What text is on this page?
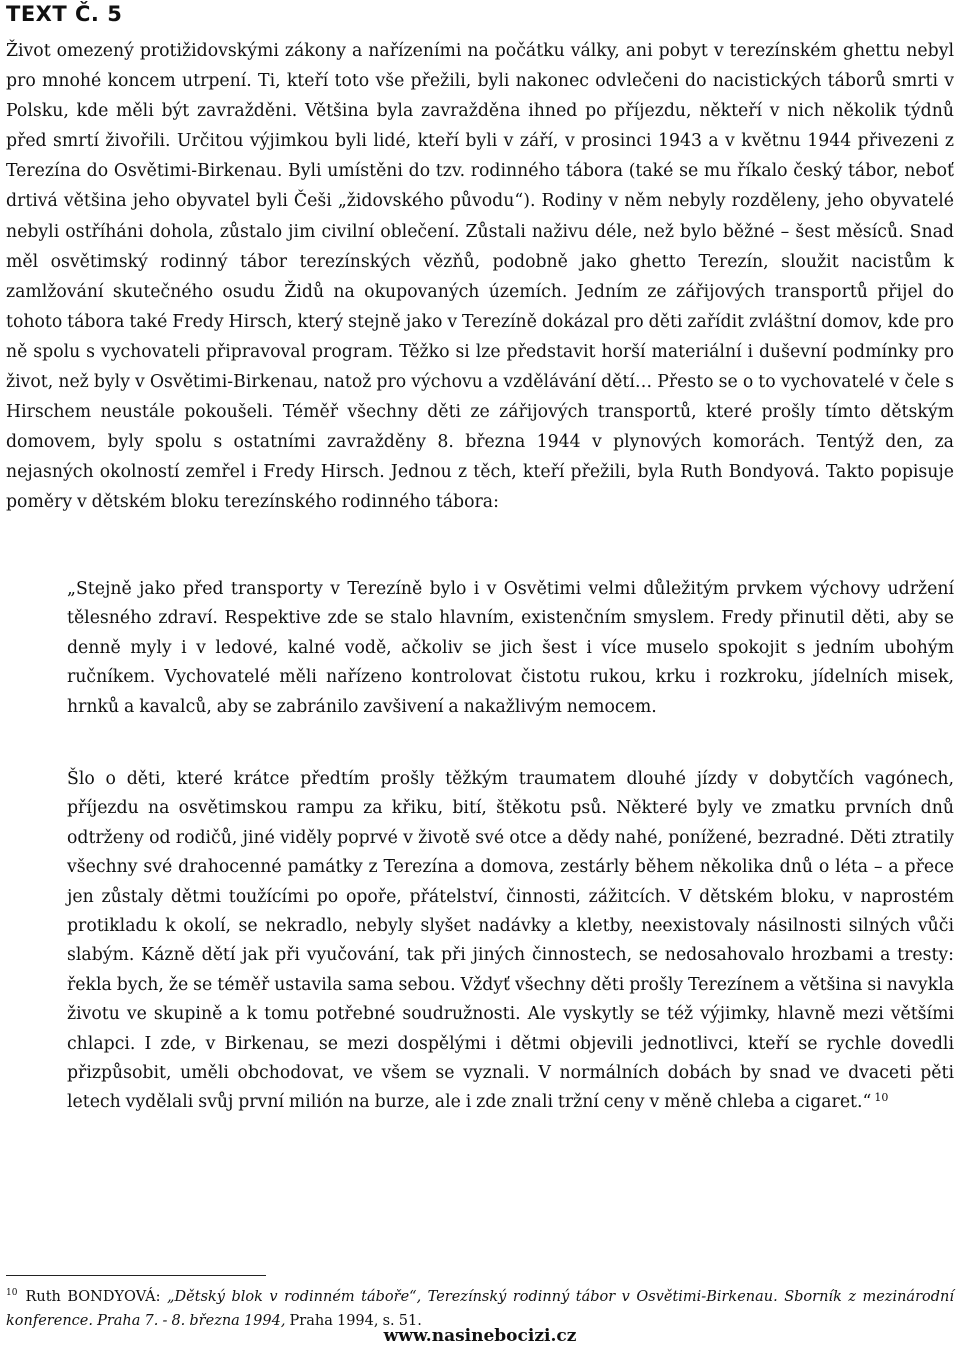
TEXT Č. 5

Život omezený protižidovskými zákony a nařízeními na počátku války, ani pobyt v terezínském ghettu nebyl pro mnohé koncem utrpení. Ti, kteří toto vše přežili, byli nakonec odvlečeni do nacistických táborů smrti v Polsku, kde měli být zavražděni. Většina byla zavražděna ihned po příjezdu, někteří v nich několik týdnů před smrtí živořili. Určitou výjimkou byli lidé, kteří byli v září, v prosinci 1943 a v květnu 1944 přivezeni z Terezína do Osvětimi-Birkenau. Byli umístěni do tzv. rodinného tábora (také se mu říkalo český tábor, neboť drtivá většina jeho obyvatel byli Češi „židovského původu“). Rodiny v něm nebyly rozděleny, jeho obyvatelé nebyli ostříháni dohola, zůstalo jim civilní oblečení. Zůstali naživu déle, než bylo běžné – šest měsíců. Snad měl osvětimský rodinný tábor terezínských vězňů, podobně jako ghetto Terezín, sloužit nacistům k zamlžování skutečného osudu Židů na okupovaných územích. Jedním ze zářijových transportů přijel do tohoto tábora také Fredy Hirsch, který stejně jako v Terezíně dokázal pro děti zařídit zvláštní domov, kde pro ně spolu s vychovateli připravoval program. Těžko si lze představit horší materiální i duševní podmínky pro život, než byly v Osvětimi-Birkenau, natož pro výchovu a vzdělávání dětí… Přesto se o to vychovatelé v čele s Hirschem neustále pokoušeli. Téměř všechny děti ze zářijových transportů, které prošly tímto dětským domovem, byly spolu s ostatními zavražděny 8. března 1944 v plynových komorách. Tentýž den, za nejasných okolností zemřel i Fredy Hirsch. Jednou z těch, kteří přežili, byla Ruth Bondyová. Takto popisuje poměry v dětském bloku terezínského rodinného tábora:

„Stejně jako před transporty v Terezíně bylo i v Osvětimi velmi důležitým prvkem výchovy udržení tělesného zdraví. Respektive zde se stalo hlavním, existenčním smyslem. Fredy přinutil děti, aby se denně myly i v ledové, kalné vodě, ačkoliv se jich šest i více muselo spokojit s jedním ubohým ručníkem. Vychovatelé měli nařízeno kontrolovat čistotu rukou, krku i rozkroku, jídelních misek, hrnků a kavalců, aby se zabránilo zavšivení a nakažlivým nemocem.

Šlo o děti, které krátce předtím prošly těžkým traumatem dlouhé jízdy v dobytčích vagónech, příjezdu na osvětimskou rampu za křiku, bití, štěkotu psů. Některé byly ve zmatku prvních dnů odtrženy od rodičů, jiné viděly poprvé v životě své otce a dědy nahé, ponížené, bezradné. Děti ztratily všechny své drahocenné památky z Terezína a domova, zestárly během několika dnů o léta – a přece jen zůstaly dětmi toužícími po opoře, přátelství, činnosti, zážitcích. V dětském bloku, v naprostém protikladu k okolí, se nekradlo, nebyly slyšet nadávky a kletby, neexistovaly násilnosti silných vůči slabým. Kázně dětí jak při vyučování, tak při jiných činnostech, se nedosahovalo hrozbami a tresty: řekla bych, že se téměř ustavila sama sebou. Vždyť všechny děti prošly Terezínem a většina si navykla životu ve skupině a k tomu potřebné soudružnosti. Ale vyskytly se též výjimky, hlavně mezi většími chlapci. I zde, v Birkenau, se mezi dospělými i dětmi objevili jednotlivci, kteří se rychle dovedli přizpůsobit, uměli obchodovat, ve všem se vyznali. V normálních dobách by snad ve dvaceti pěti letech vydělali svůj první milión na burze, ale i zde znali tržní ceny v měně chleba a cigaret.“ $^{10}$

$^{10}$ Ruth BONDYOVÁ: „Dětský blok v rodinném táboře“, Terezínský rodinný tábor v Osvětimi-Birkenau. Sborník z mezinárodní konference. Praha 7. - 8. března 1994, Praha 1994, s. 51.
www.nasinebocizi.cz
